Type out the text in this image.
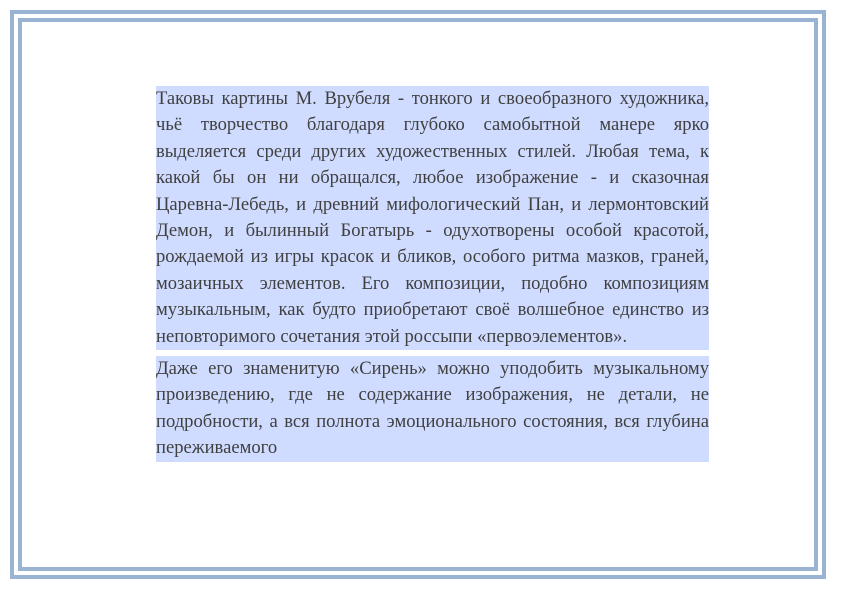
Таковы картины М. Врубеля - тонкого и своеобразного художника, чьё творчество благодаря глубоко самобытной манере ярко выделяется среди других художественных стилей. Любая тема, к какой бы он ни обращался, любое изображение - и сказочная Царевна-Лебедь, и древний мифологический Пан, и лермонтовский Демон, и былинный Богатырь - одухотворены особой красотой, рождаемой из игры красок и бликов, особого ритма мазков, граней, мозаичных элементов. Его композиции, подобно композициям музыкальным, как будто приобретают своё волшебное единство из неповторимого сочетания этой россыпи «первоэлементов».

Даже его знаменитую «Сирень» можно уподобить музыкальному произведению, где не содержание изображения, не детали, не подробности, а вся полнота эмоционального состояния, вся глубина переживаемого
